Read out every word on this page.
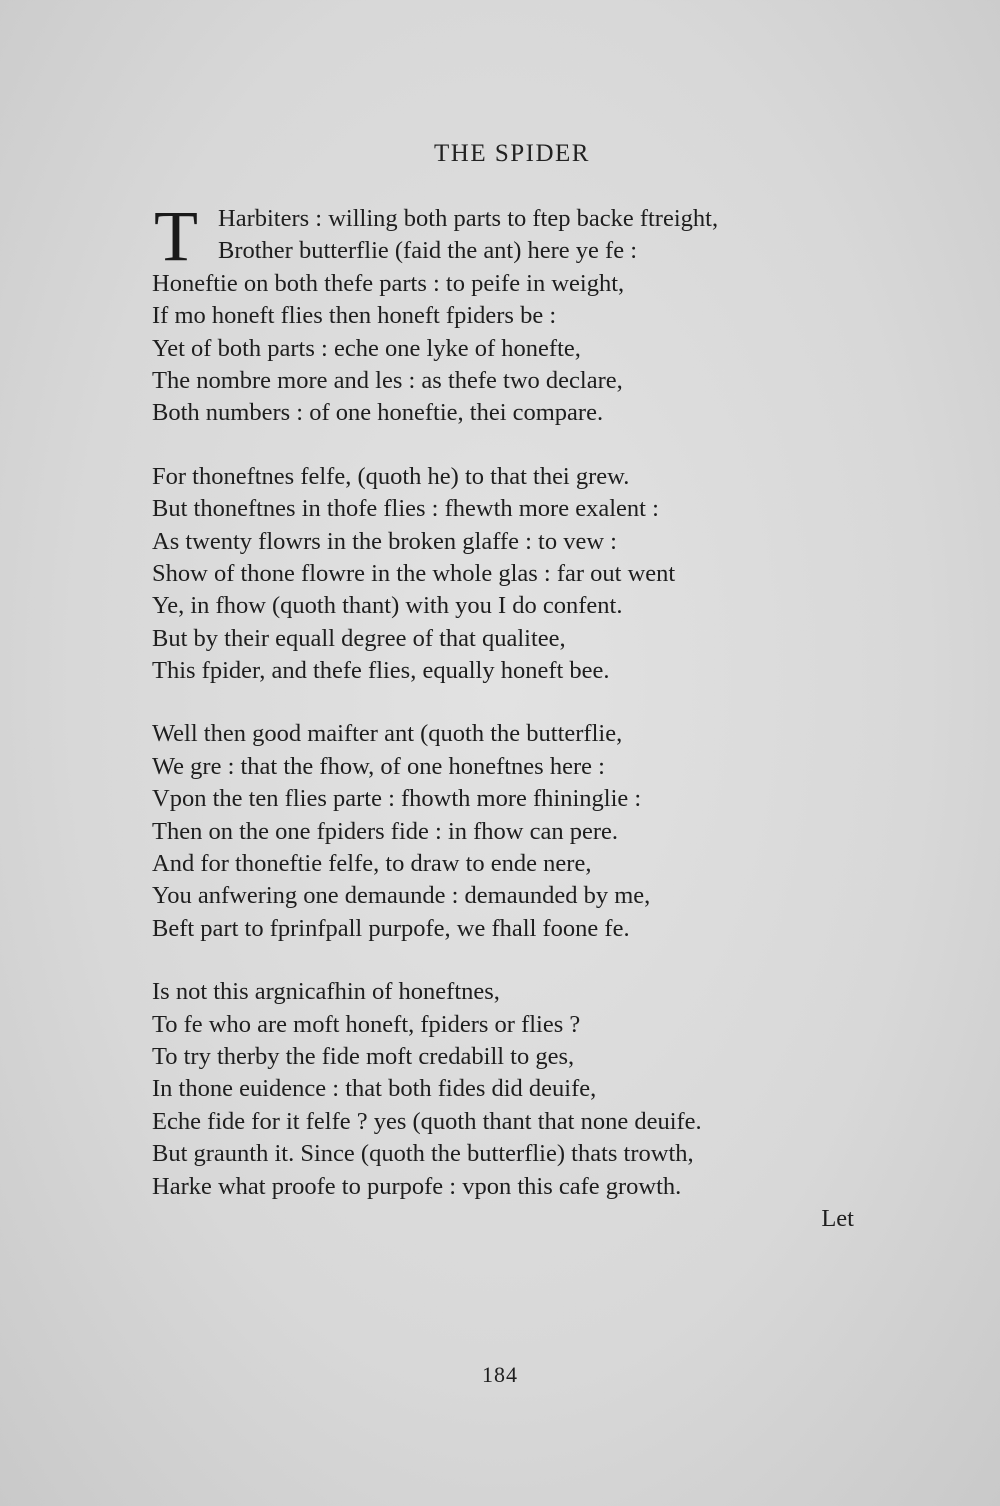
THE SPIDER
T Harbiters : willing both parts to ftep backe ftreight,
Brother butterflie (faid the ant) here ye fe :
Honeftie on both thefe parts : to peife in weight,
If mo honeft flies then honeft fpiders be :
Yet of both parts : eche one lyke of honefte,
The nombre more and les : as thefe two declare,
Both numbers : of one honeftie, thei compare.
For thoneftnes felfe, (quoth he) to that thei grew.
But thoneftnes in thofe flies : fhewth more exalent :
As twenty flowrs in the broken glaffe : to vew :
Show of thone flowre in the whole glas : far out went
Ye, in fhow (quoth thant) with you I do confent.
But by their equall degree of that qualitee,
This fpider, and thefe flies, equally honeft bee.
Well then good maifter ant (quoth the butterflie,
We gre : that the fhow, of one honeftnes here :
Vpon the ten flies parte : fhowth more fhininglie :
Then on the one fpiders fide : in fhow can pere.
And for thoneftie felfe, to draw to ende nere,
You anfwering one demaunde : demaunded by me,
Beft part to fprinfpall purpofe, we fhall foone fe.
Is not this argnicafhin of honeftnes,
To fe who are moft honeft, fpiders or flies ?
To try therby the fide moft credabill to ges,
In thone euidence : that both fides did deuife,
Eche fide for it felfe ? yes (quoth thant that none deuife.
But graunth it. Since (quoth the butterflie) thats trowth,
Harke what proofe to purpofe : vpon this cafe growth.
Let
184
